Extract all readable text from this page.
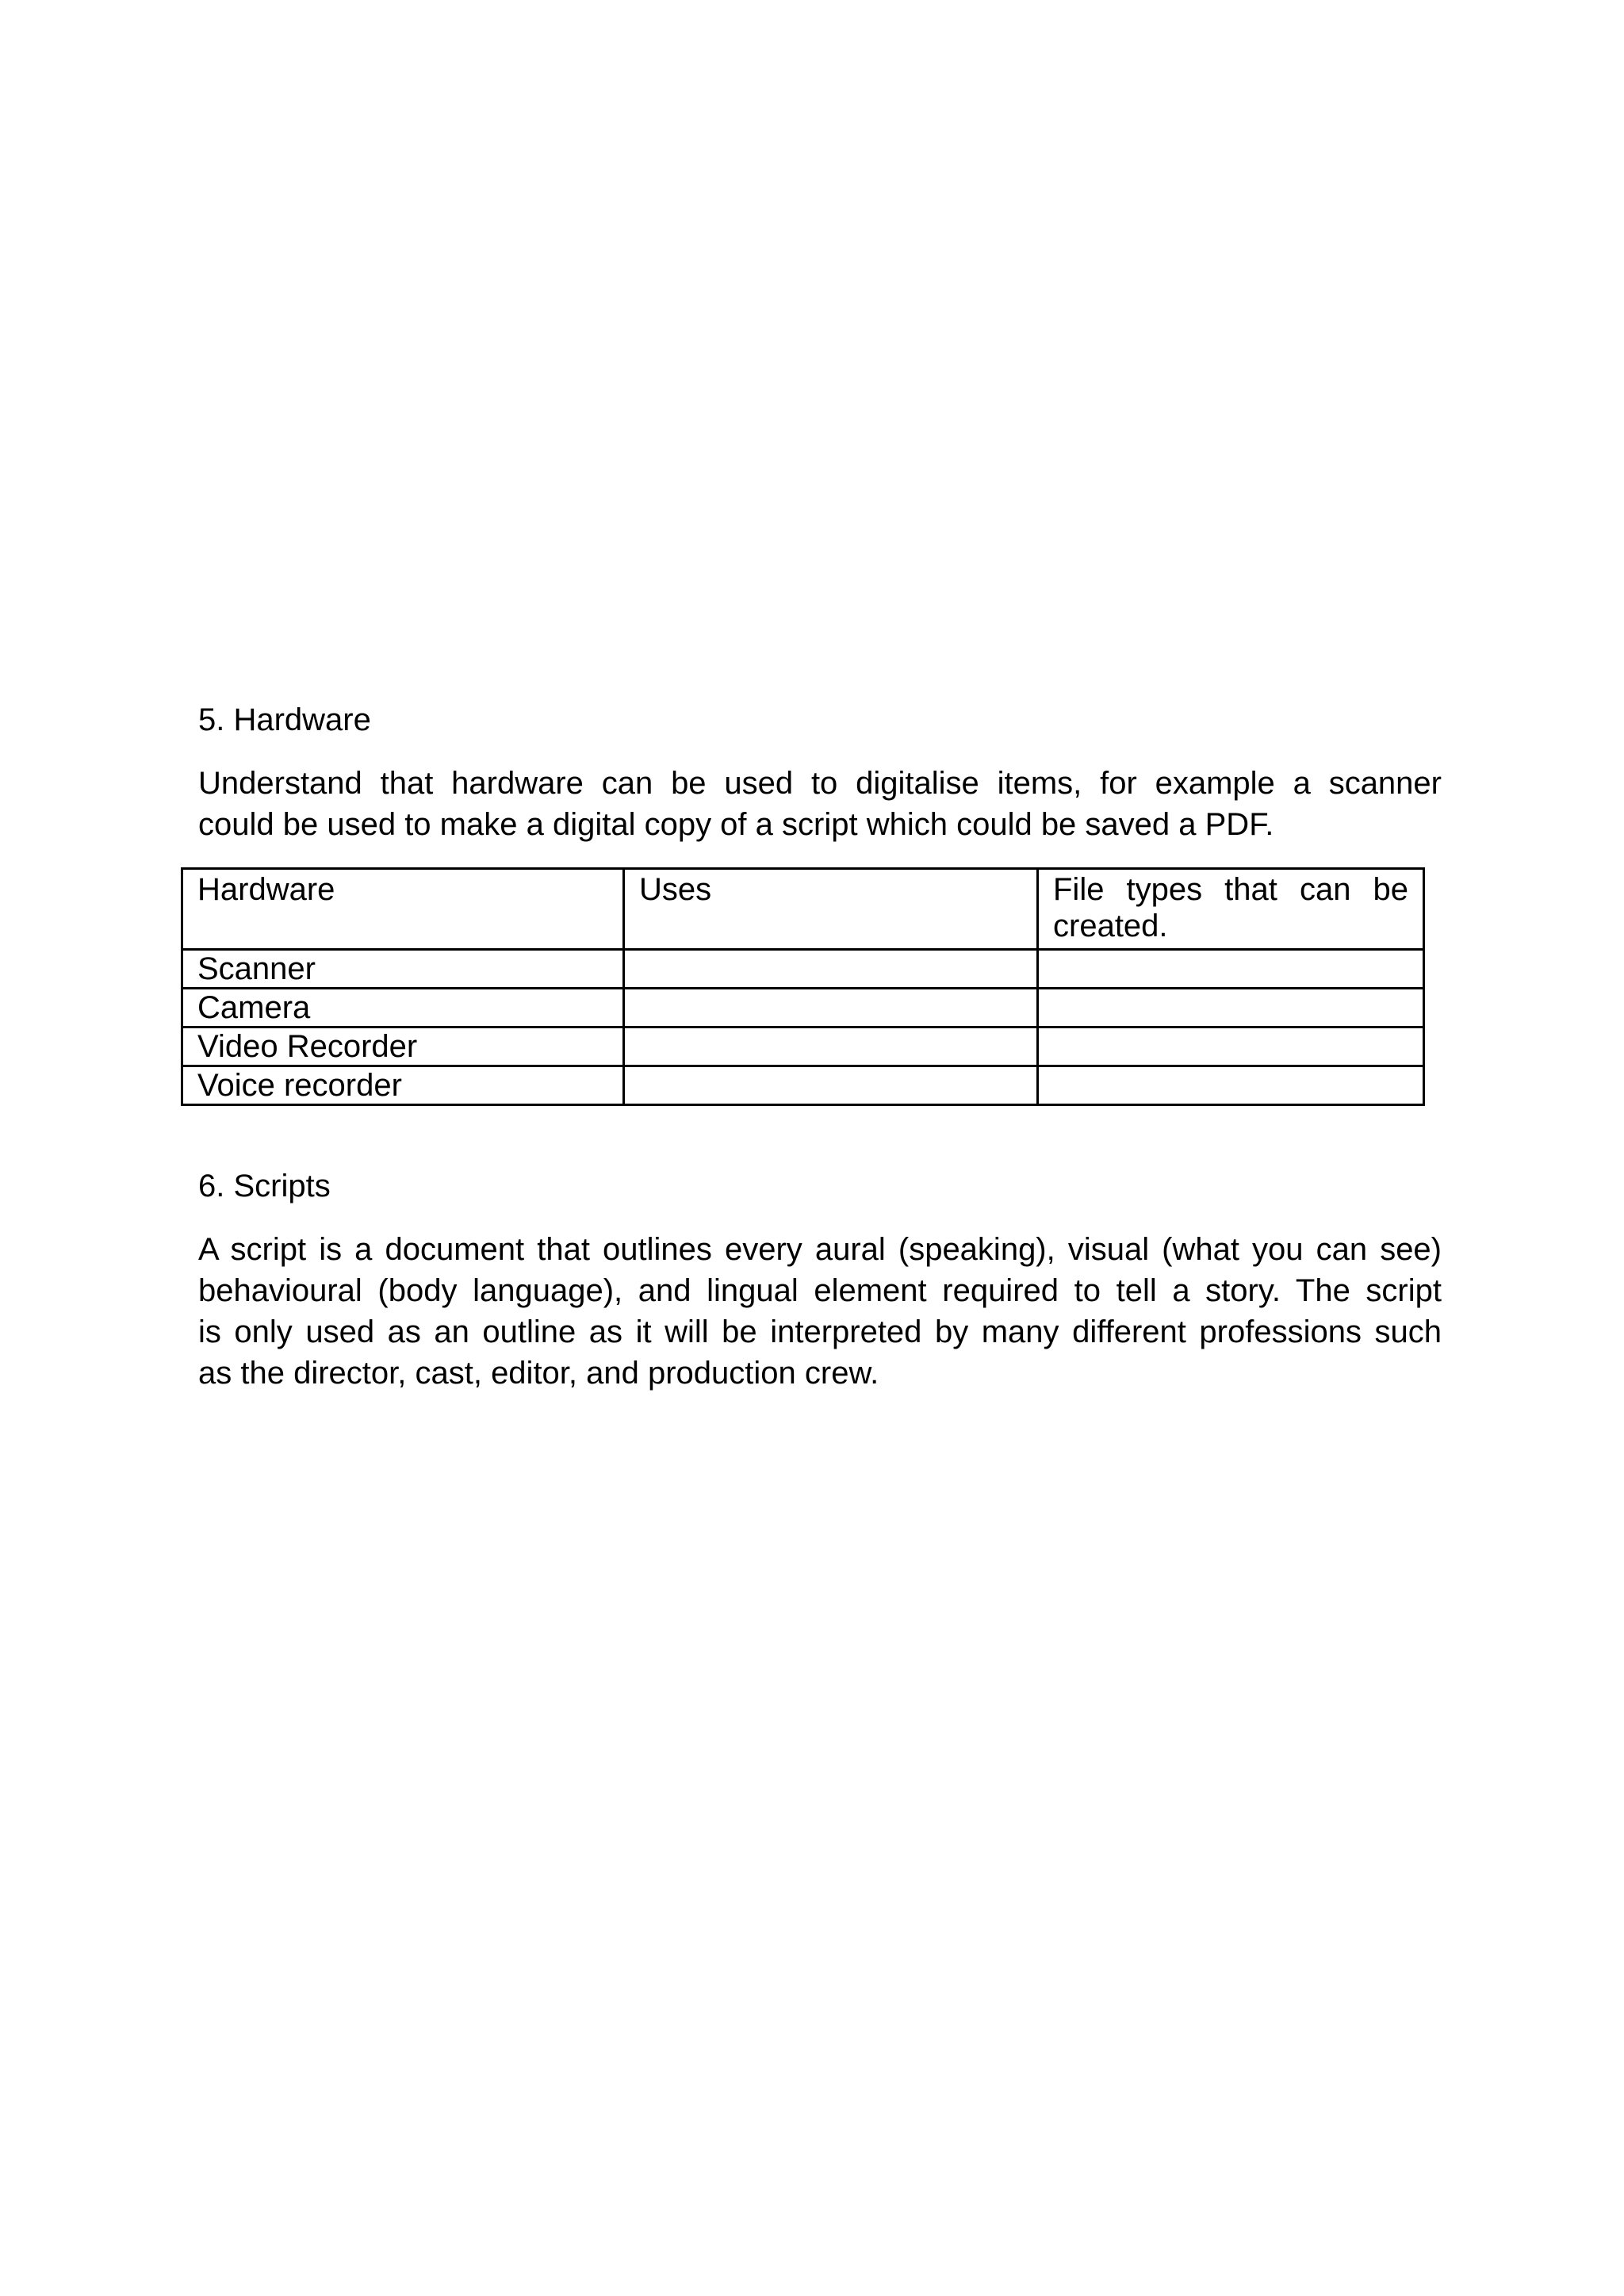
5. Hardware
Understand that hardware can be used to digitalise items, for example a scanner
could be used to make a digital copy of a script which could be saved a PDF.
Hardware	Uses	File types that can be created.
Scanner		
Camera		
Video Recorder		
Voice recorder		
6. Scripts
A script is a document that outlines every aural (speaking), visual (what you can see)
behavioural (body language), and lingual element required to tell a story. The script
is only used as an outline as it will be interpreted by many different professions such
as the director, cast, editor, and production crew.
